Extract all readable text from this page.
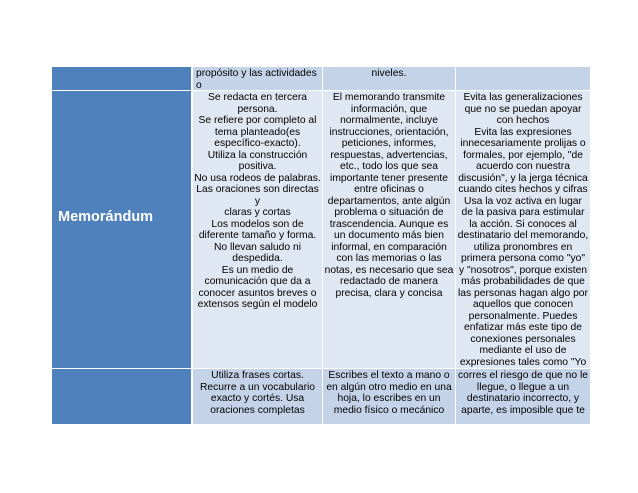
propósito y las actividades o

niveles.
Memorándum
Se redacta en tercera
persona.
Se refiere por completo al
tema planteado(es
específico-exacto).
Utiliza la construcción
positiva.
No usa rodeos de palabras.
Las oraciones son directas y
claras y cortas
Los modelos son de
diferente tamaño y forma.
No llevan saludo ni
despedida.
Es un medio de
comunicación que da a
conocer asuntos breves o
extensos según el modelo
El memorando transmite
información, que
normalmente, incluye
instrucciones, orientación,
peticiones, informes,
respuestas, advertencias,
etc., todo los que sea
importante tener presente
entre oficinas o
departamentos, ante algún
problema o situación de
trascendencia. Aunque es
un documento más bien
informal, en comparación
con las memorias o las
notas, es necesario que sea
redactado de manera
precisa, clara y concisa
Evita las generalizaciones
que no se puedan apoyar
con hechos
Evita las expresiones
innecesariamente prolijas o
formales, por ejemplo, "de
acuerdo con nuestra
discusión", y la jerga técnica
cuando cites hechos y cifras
Usa la voz activa en lugar
de la pasiva para estimular
la acción. Si conoces al
destinatario del memorando,
utiliza pronombres en
primera persona como "yo"
y "nosotros", porque existen
más probabilidades de que
las personas hagan algo por
aquellos que conocen
personalmente. Puedes
enfatizar más este tipo de
conexiones personales
mediante el uso de
expresiones tales como "Yo

Utiliza frases cortas.
Recurre a un vocabulario
exacto y cortés. Usa
oraciones completas
Escribes el texto a mano o
en algún otro medio en una
hoja, lo escribes en un
medio físico o mecánico
corres el riesgo de que no le
llegue, o llegue a un
destinatario incorrecto, y
aparte, es imposible que te
